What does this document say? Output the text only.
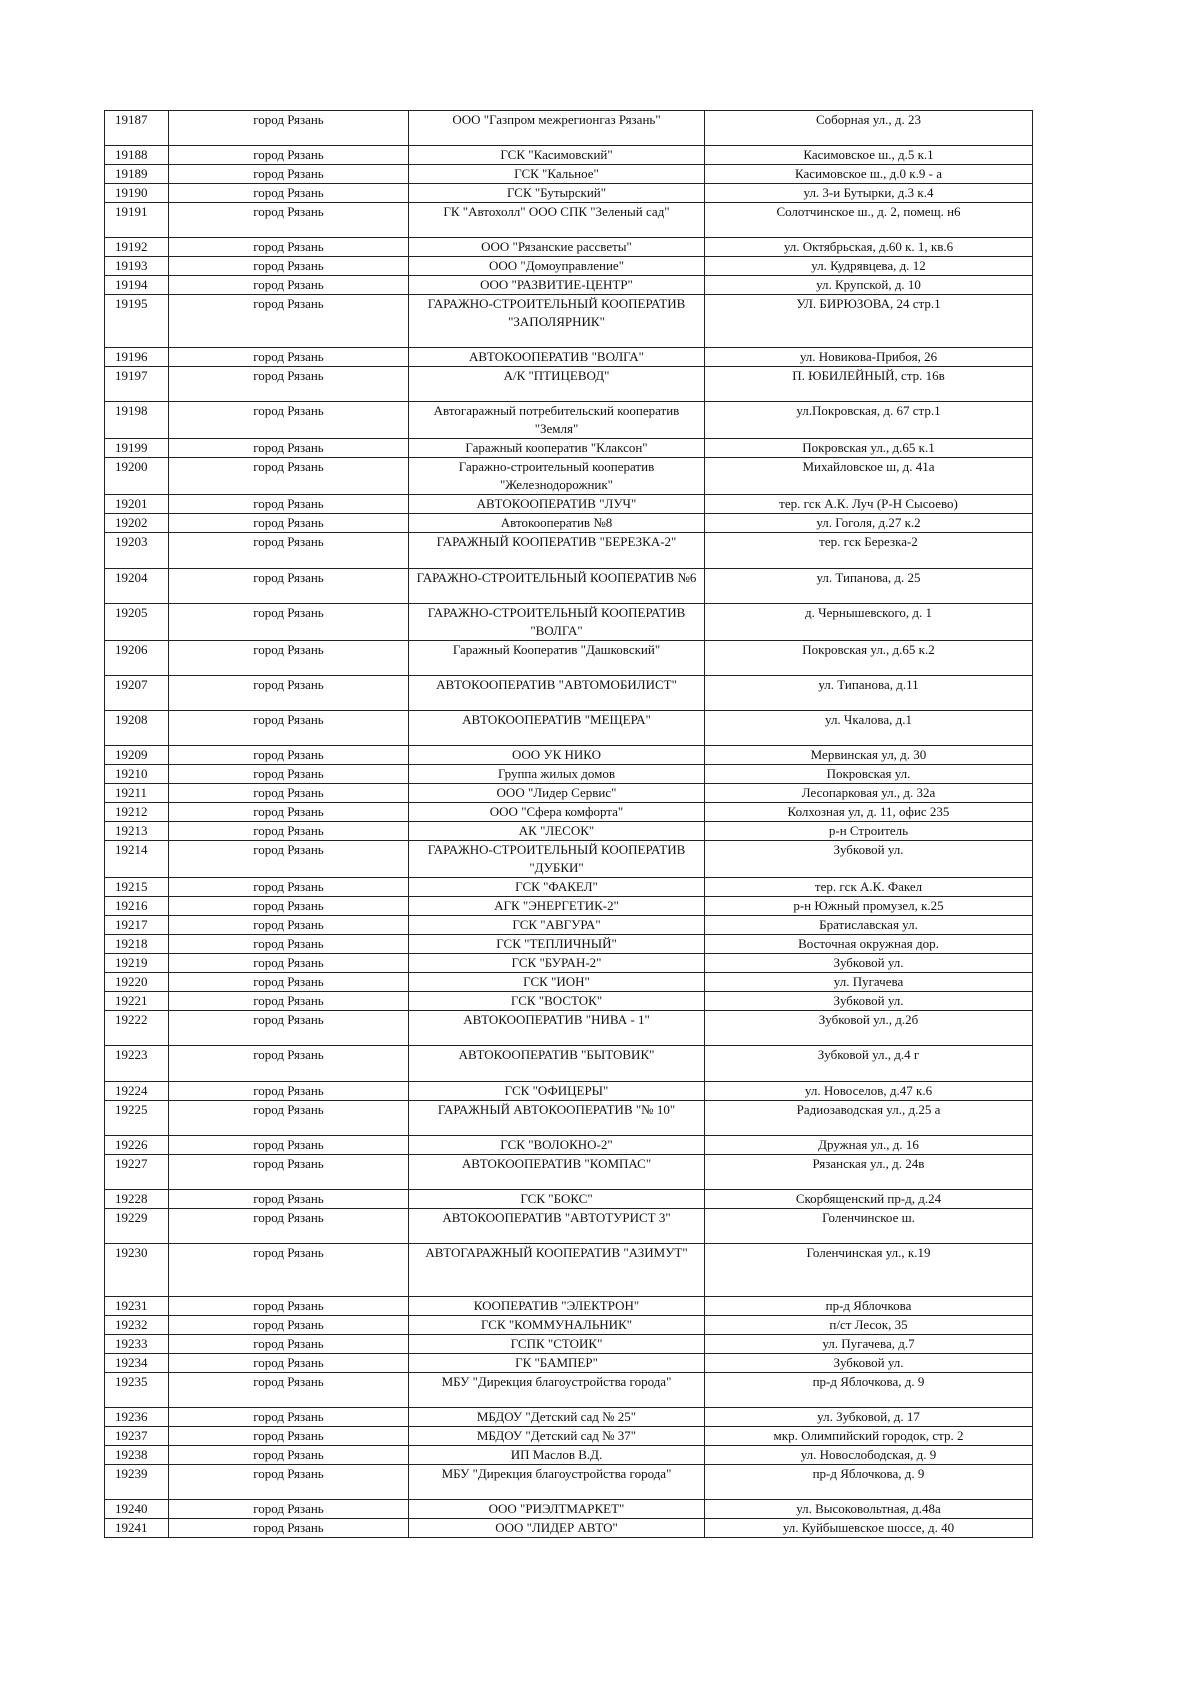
19187	город Рязань	ООО "Газпром межрегионгаз Рязань"	Соборная ул., д. 23
19188	город Рязань	ГСК "Касимовский"	Касимовское ш., д.5 к.1
19189	город Рязань	ГСК "Кальное"	Касимовское ш., д.0 к.9 - а
19190	город Рязань	ГСК "Бутырский"	ул. 3-и Бутырки, д.3 к.4
19191	город Рязань	ГК "Автохолл" ООО СПК "Зеленый сад"	Солотчинское ш., д. 2, помещ. н6
19192	город Рязань	ООО "Рязанские рассветы"	ул. Октябрьская, д.60 к. 1, кв.6
19193	город Рязань	ООО "Домоуправление"	ул. Кудрявцева, д. 12
19194	город Рязань	ООО "РАЗВИТИЕ-ЦЕНТР"	ул. Крупской, д. 10
19195	город Рязань	ГАРАЖНО-СТРОИТЕЛЬНЫЙ КООПЕРАТИВ "ЗАПОЛЯРНИК"	УЛ. БИРЮЗОВА, 24 стр.1
19196	город Рязань	АВТОКООПЕРАТИВ "ВОЛГА"	ул. Новикова-Прибоя, 26
19197	город Рязань	А/К "ПТИЦЕВОД"	П. ЮБИЛЕЙНЫЙ, стр. 16в
19198	город Рязань	Автогаражный потребительский кооператив "Земля"	ул.Покровская, д. 67 стр.1
19199	город Рязань	Гаражный кооператив "Клаксон"	Покровская ул., д.65 к.1
19200	город Рязань	Гаражно-строительный кооператив "Железнодорожник"	Михайловское ш, д. 41а
19201	город Рязань	АВТОКООПЕРАТИВ "ЛУЧ"	тер. гск А.К. Луч (Р-Н Сысоево)
19202	город Рязань	Автокооператив №8	ул. Гоголя, д.27 к.2
19203	город Рязань	ГАРАЖНЫЙ КООПЕРАТИВ "БЕРЕЗКА-2"	тер. гск Березка-2
19204	город Рязань	ГАРАЖНО-СТРОИТЕЛЬНЫЙ КООПЕРАТИВ №6	ул. Типанова, д. 25
19205	город Рязань	ГАРАЖНО-СТРОИТЕЛЬНЫЙ КООПЕРАТИВ "ВОЛГА"	д. Чернышевского, д. 1
19206	город Рязань	Гаражный Кооператив "Дашковский"	Покровская ул., д.65 к.2
19207	город Рязань	АВТОКООПЕРАТИВ "АВТОМОБИЛИСТ"	ул. Типанова, д.11
19208	город Рязань	АВТОКООПЕРАТИВ "МЕЩЕРА"	ул. Чкалова, д.1
19209	город Рязань	ООО УК НИКО	Мервинская ул, д. 30
19210	город Рязань	Группа жилых домов	Покровская ул.
19211	город Рязань	ООО "Лидер Сервис"	Лесопарковая ул., д. 32а
19212	город Рязань	ООО "Сфера комфорта"	Колхозная ул, д. 11, офис 235
19213	город Рязань	АК "ЛЕСОК"	р-н Строитель
19214	город Рязань	ГАРАЖНО-СТРОИТЕЛЬНЫЙ КООПЕРАТИВ "ДУБКИ"	Зубковой ул.
19215	город Рязань	ГСК "ФАКЕЛ"	тер. гск А.К. Факел
19216	город Рязань	АГК "ЭНЕРГЕТИК-2"	р-н Южный промузел, к.25
19217	город Рязань	ГСК "АВГУРА"	Братиславская ул.
19218	город Рязань	ГСК "ТЕПЛИЧНЫЙ"	Восточная окружная дор.
19219	город Рязань	ГСК "БУРАН-2"	Зубковой ул.
19220	город Рязань	ГСК "ИОН"	ул. Пугачева
19221	город Рязань	ГСК "ВОСТОК"	Зубковой ул.
19222	город Рязань	АВТОКООПЕРАТИВ "НИВА - 1"	Зубковой ул., д.2б
19223	город Рязань	АВТОКООПЕРАТИВ "БЫТОВИК"	Зубковой ул., д.4 г
19224	город Рязань	ГСК "ОФИЦЕРЫ"	ул. Новоселов, д.47 к.6
19225	город Рязань	ГАРАЖНЫЙ АВТОКООПЕРАТИВ "№ 10"	Радиозаводская ул., д.25 а
19226	город Рязань	ГСК "ВОЛОКНО-2"	Дружная ул., д. 16
19227	город Рязань	АВТОКООПЕРАТИВ "КОМПАС"	Рязанская ул., д. 24в
19228	город Рязань	ГСК "БОКС"	Скорбященский пр-д, д.24
19229	город Рязань	АВТОКООПЕРАТИВ "АВТОТУРИСТ 3"	Голенчинское ш.
19230	город Рязань	АВТОГАРАЖНЫЙ КООПЕРАТИВ "АЗИМУТ"	Голенчинская ул., к.19
19231	город Рязань	КООПЕРАТИВ "ЭЛЕКТРОН"	пр-д Яблочкова
19232	город Рязань	ГСК "КОММУНАЛЬНИК"	п/ст Лесок, 35
19233	город Рязань	ГСПК "СТОИК"	ул. Пугачева, д.7
19234	город Рязань	ГК "БАМПЕР"	Зубковой ул.
19235	город Рязань	МБУ "Дирекция благоустройства города"	пр-д Яблочкова, д. 9
19236	город Рязань	МБДОУ "Детский сад № 25"	ул. Зубковой, д. 17
19237	город Рязань	МБДОУ "Детский сад № 37"	мкр. Олимпийский городок, стр. 2
19238	город Рязань	ИП Маслов В.Д.	ул. Новослободская, д. 9
19239	город Рязань	МБУ "Дирекция благоустройства города"	пр-д Яблочкова, д. 9
19240	город Рязань	ООО "РИЭЛТМАРКЕТ"	ул. Высоковольтная, д.48а
19241	город Рязань	ООО "ЛИДЕР АВТО"	ул. Куйбышевское шоссе, д. 40
